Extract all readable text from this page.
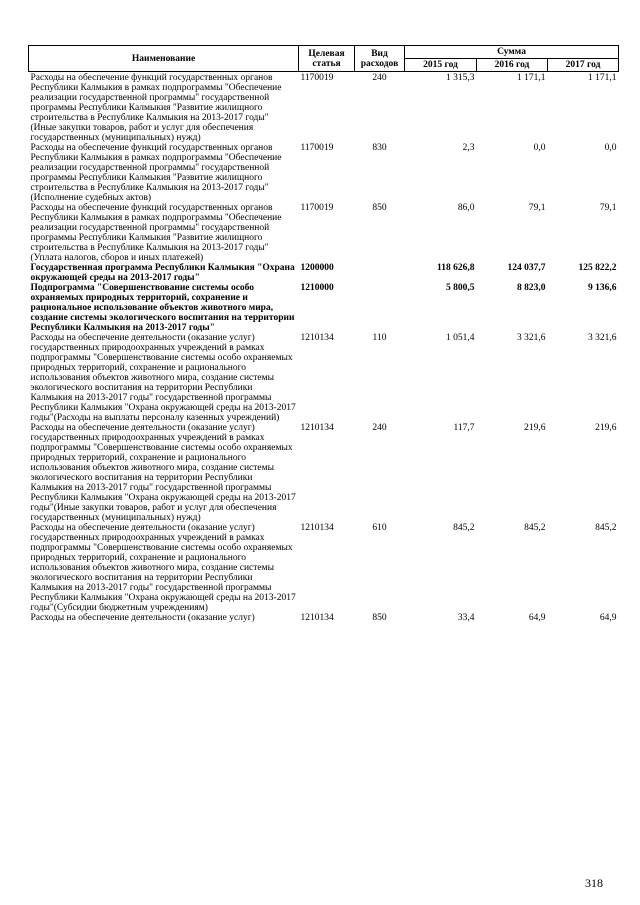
Наименование	Целевая статья	Вид расходов	Сумма		
			2015 год	2016 год	2017 год
Расходы на обеспечение функций государственных органов Республики Калмыкия в рамках подпрограммы "Обеспечение реализации государственной программы" государственной программы Республики Калмыкия "Развитие жилищного строительства в Республике Калмыкия на 2013-2017 годы" (Иные закупки товаров, работ и услуг для обеспечения государственных (муниципальных) нужд)	1170019	240	1 315,3	1 171,1	1 171,1
Расходы на обеспечение функций государственных органов Республики Калмыкия в рамках подпрограммы "Обеспечение реализации государственной программы" государственной программы Республики Калмыкия "Развитие жилищного строительства в Республике Калмыкия на 2013-2017 годы" (Исполнение судебных актов)	1170019	830	2,3	0,0	0,0
Расходы на обеспечение функций государственных органов Республики Калмыкия в рамках подпрограммы "Обеспечение реализации государственной программы" государственной программы Республики Калмыкия "Развитие жилищного строительства в Республике Калмыкия на 2013-2017 годы" (Уплата налогов, сборов и иных платежей)	1170019	850	86,0	79,1	79,1
Государственная программа Республики Калмыкия "Охрана окружающей среды на 2013-2017 годы"	1200000		118 626,8	124 037,7	125 822,2
Подпрограмма "Совершенствование системы особо охраняемых природных территорий, сохранение и рациональное использование объектов животного мира, создание системы экологического воспитания на территории Республики Калмыкия на 2013-2017 годы"	1210000		5 800,5	8 823,0	9 136,6
Расходы на обеспечение деятельности (оказание услуг) государственных природоохранных учреждений в рамках подпрограммы "Совершенствование системы особо охраняемых природных территорий, сохранение и рационального использования объектов животного мира, создание системы экологического воспитания на территории Республики Калмыкия на 2013-2017 годы" государственной программы Республики Калмыкия "Охрана окружающей среды на 2013-2017 годы"(Расходы на выплаты персоналу казенных учреждений)	1210134	110	1 051,4	3 321,6	3 321,6
Расходы на обеспечение деятельности (оказание услуг) государственных природоохранных учреждений в рамках подпрограммы "Совершенствование системы особо охраняемых природных территорий, сохранение и рационального использования объектов животного мира, создание системы экологического воспитания на территории Республики Калмыкия на 2013-2017 годы" государственной программы Республики Калмыкия "Охрана окружающей среды на 2013-2017 годы"(Иные закупки товаров, работ и услуг для обеспечения государственных (муниципальных) нужд)	1210134	240	117,7	219,6	219,6
Расходы на обеспечение деятельности (оказание услуг) государственных природоохранных учреждений в рамках подпрограммы "Совершенствование системы особо охраняемых природных территорий, сохранение и рационального использования объектов животного мира, создание системы экологического воспитания на территории Республики Калмыкия на 2013-2017 годы" государственной программы Республики Калмыкия "Охрана окружающей среды на 2013-2017 годы"(Субсидии бюджетным учреждениям)	1210134	610	845,2	845,2	845,2
Расходы на обеспечение деятельности (оказание услуг)	1210134	850	33,4	64,9	64,9
318
